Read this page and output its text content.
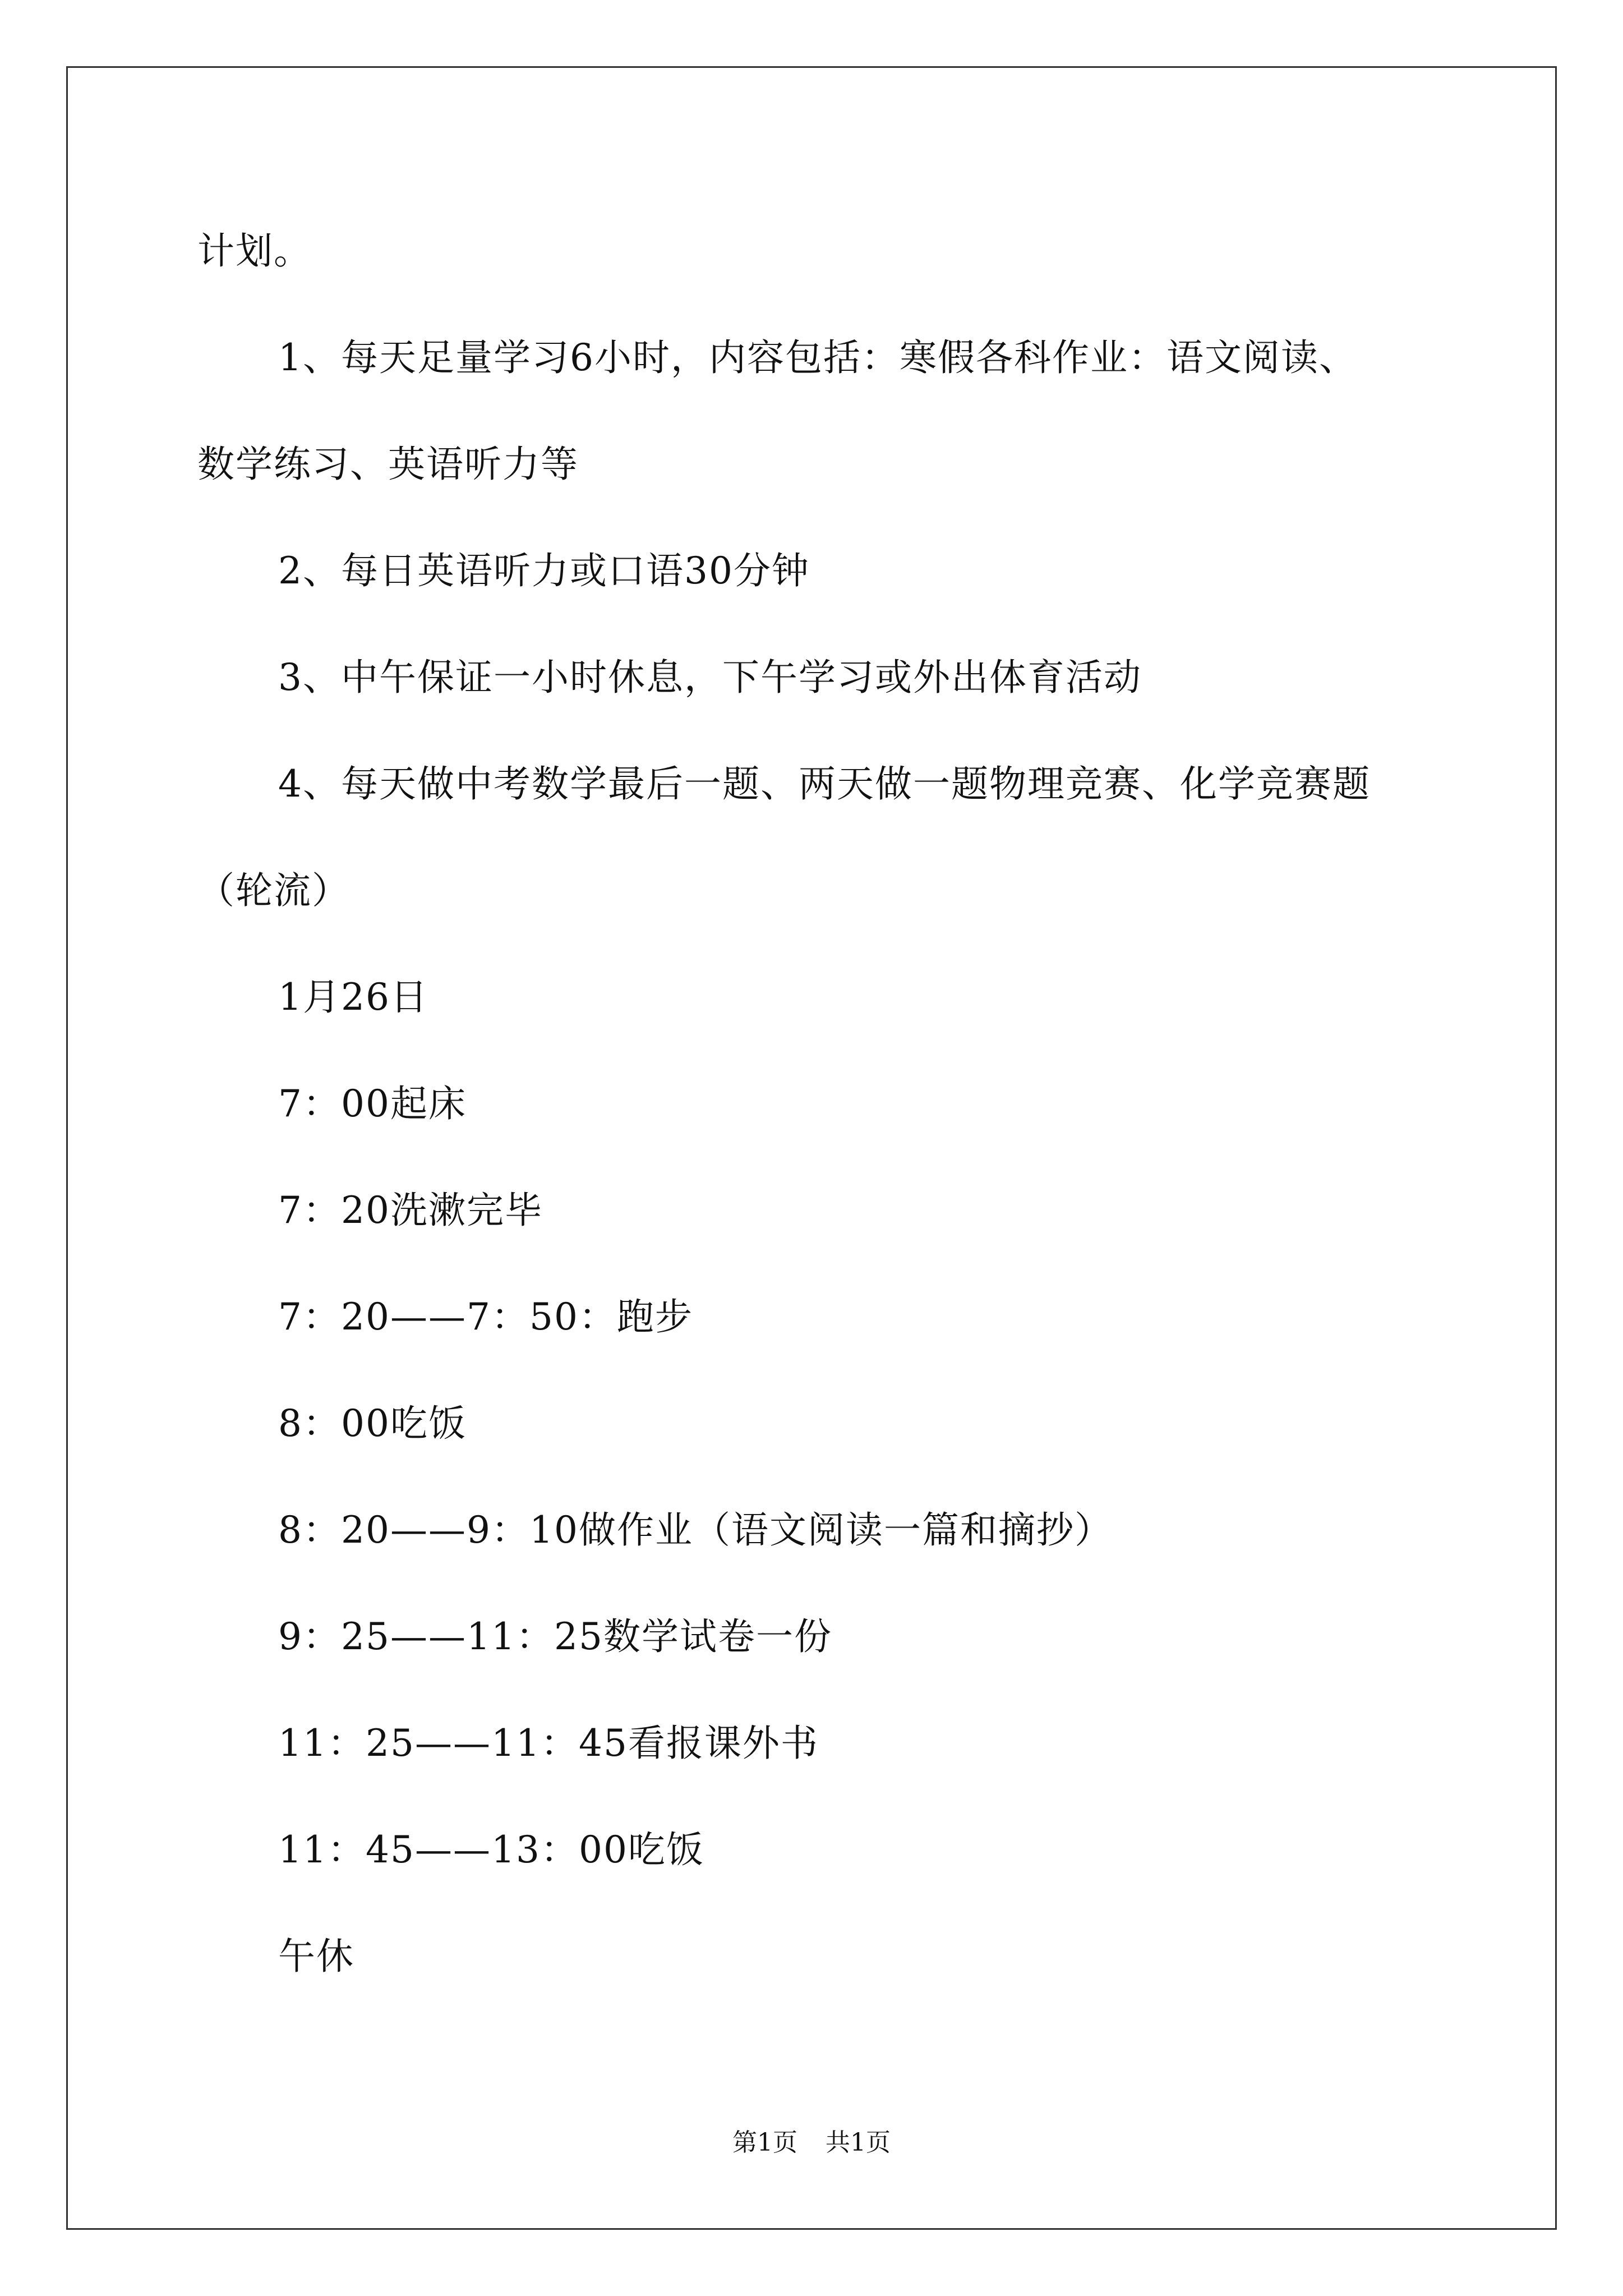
计划。
1、每天足量学习6小时，内容包括：寒假各科作业：语文阅读、
数学练习、英语听力等
2、每日英语听力或口语30分钟
3、中午保证一小时休息，下午学习或外出体育活动
4、每天做中考数学最后一题、两天做一题物理竞赛、化学竞赛题
（轮流）
1月26日
7：00起床
7：20洗漱完毕
7：20——7：50：跑步
8：00吃饭
8：20——9：10做作业（语文阅读一篇和摘抄）
9：25——11：25数学试卷一份
11：25——11：45看报课外书
11：45——13：00吃饭
午休
第1页 共1页
